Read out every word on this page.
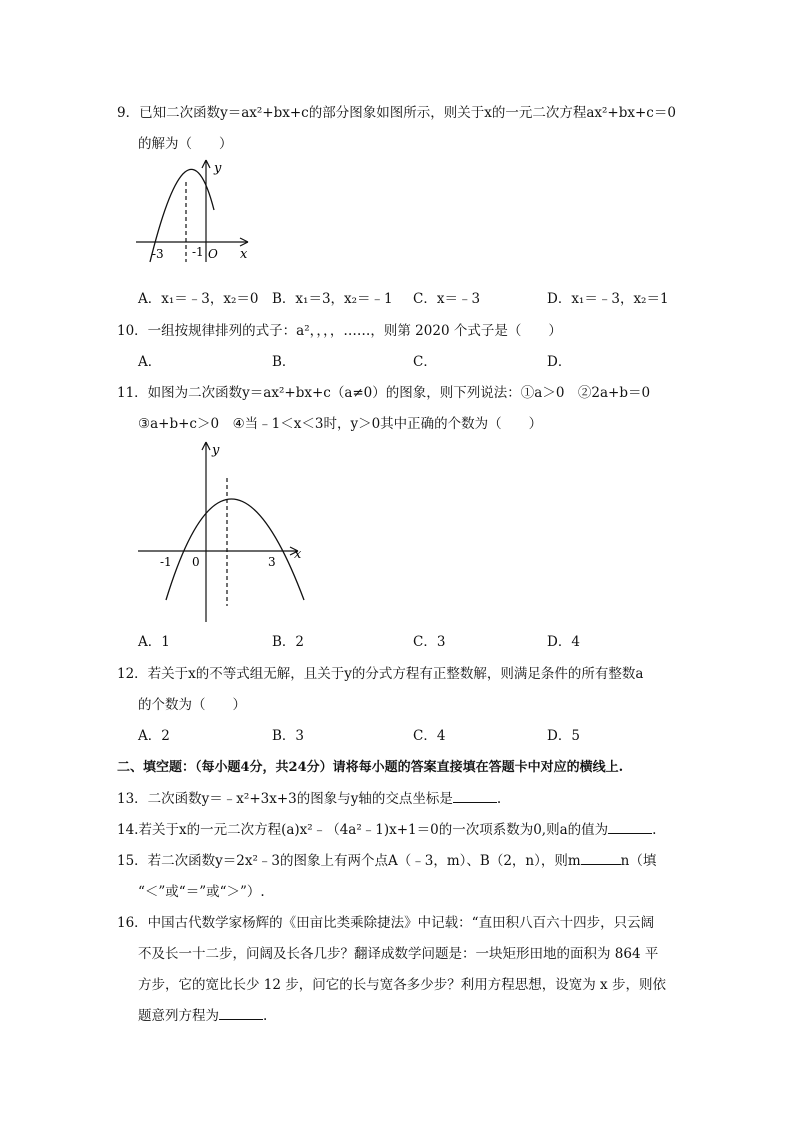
9．已知二次函数y＝ax²+bx+c的部分图象如图所示，则关于x的一元二次方程ax²+bx+c＝0
的解为（　　）
y
x
O
-3 -1
A．x₁＝﹣3，x₂＝0 B．x₁＝3，x₂＝﹣1 C．x＝﹣3	D．x₁＝﹣3，x₂＝1
10．一组按规律排列的式子：a²，，，，……，则第 2020 个式子是（　　）
A．	B．	C．	D．
11．如图为二次函数y＝ax²+bx+c（a≠0）的图象，则下列说法：①a＞0　②2a+b＝0
③a+b+c＞0　④当﹣1＜x＜3时，y＞0其中正确的个数为（　　）
y
x
-1 0	3
A．1	B．2	C．3	D．4
12．若关于x的不等式组无解，且关于y的分式方程有正整数解，则满足条件的所有整数a
的个数为（　　）
A．2	B．3	C．4	D．5
二、填空题：（每小题4分，共24分）请将每小题的答案直接填在答题卡中对应的横线上.
13．二次函数y＝﹣x²+3x+3的图象与y轴的交点坐标是	.
14.若关于x的一元二次方程(a)x²﹣（4a²﹣1)x+1＝0的一次项系数为0,则a的值为	.
15．若二次函数y＝2x²﹣3的图象上有两个点A（﹣3，m）、B（2，n），则m	n（填
“＜”或“＝”或“＞”）.
16．中国古代数学家杨辉的《田亩比类乘除捷法》中记载：“直田积八百六十四步，只云阔
不及长一十二步，问阔及长各几步？翻译成数学问题是：一块矩形田地的面积为 864 平
方步，它的宽比长少 12 步，问它的长与宽各多少步？利用方程思想，设宽为 x 步，则依
题意列方程为	.
